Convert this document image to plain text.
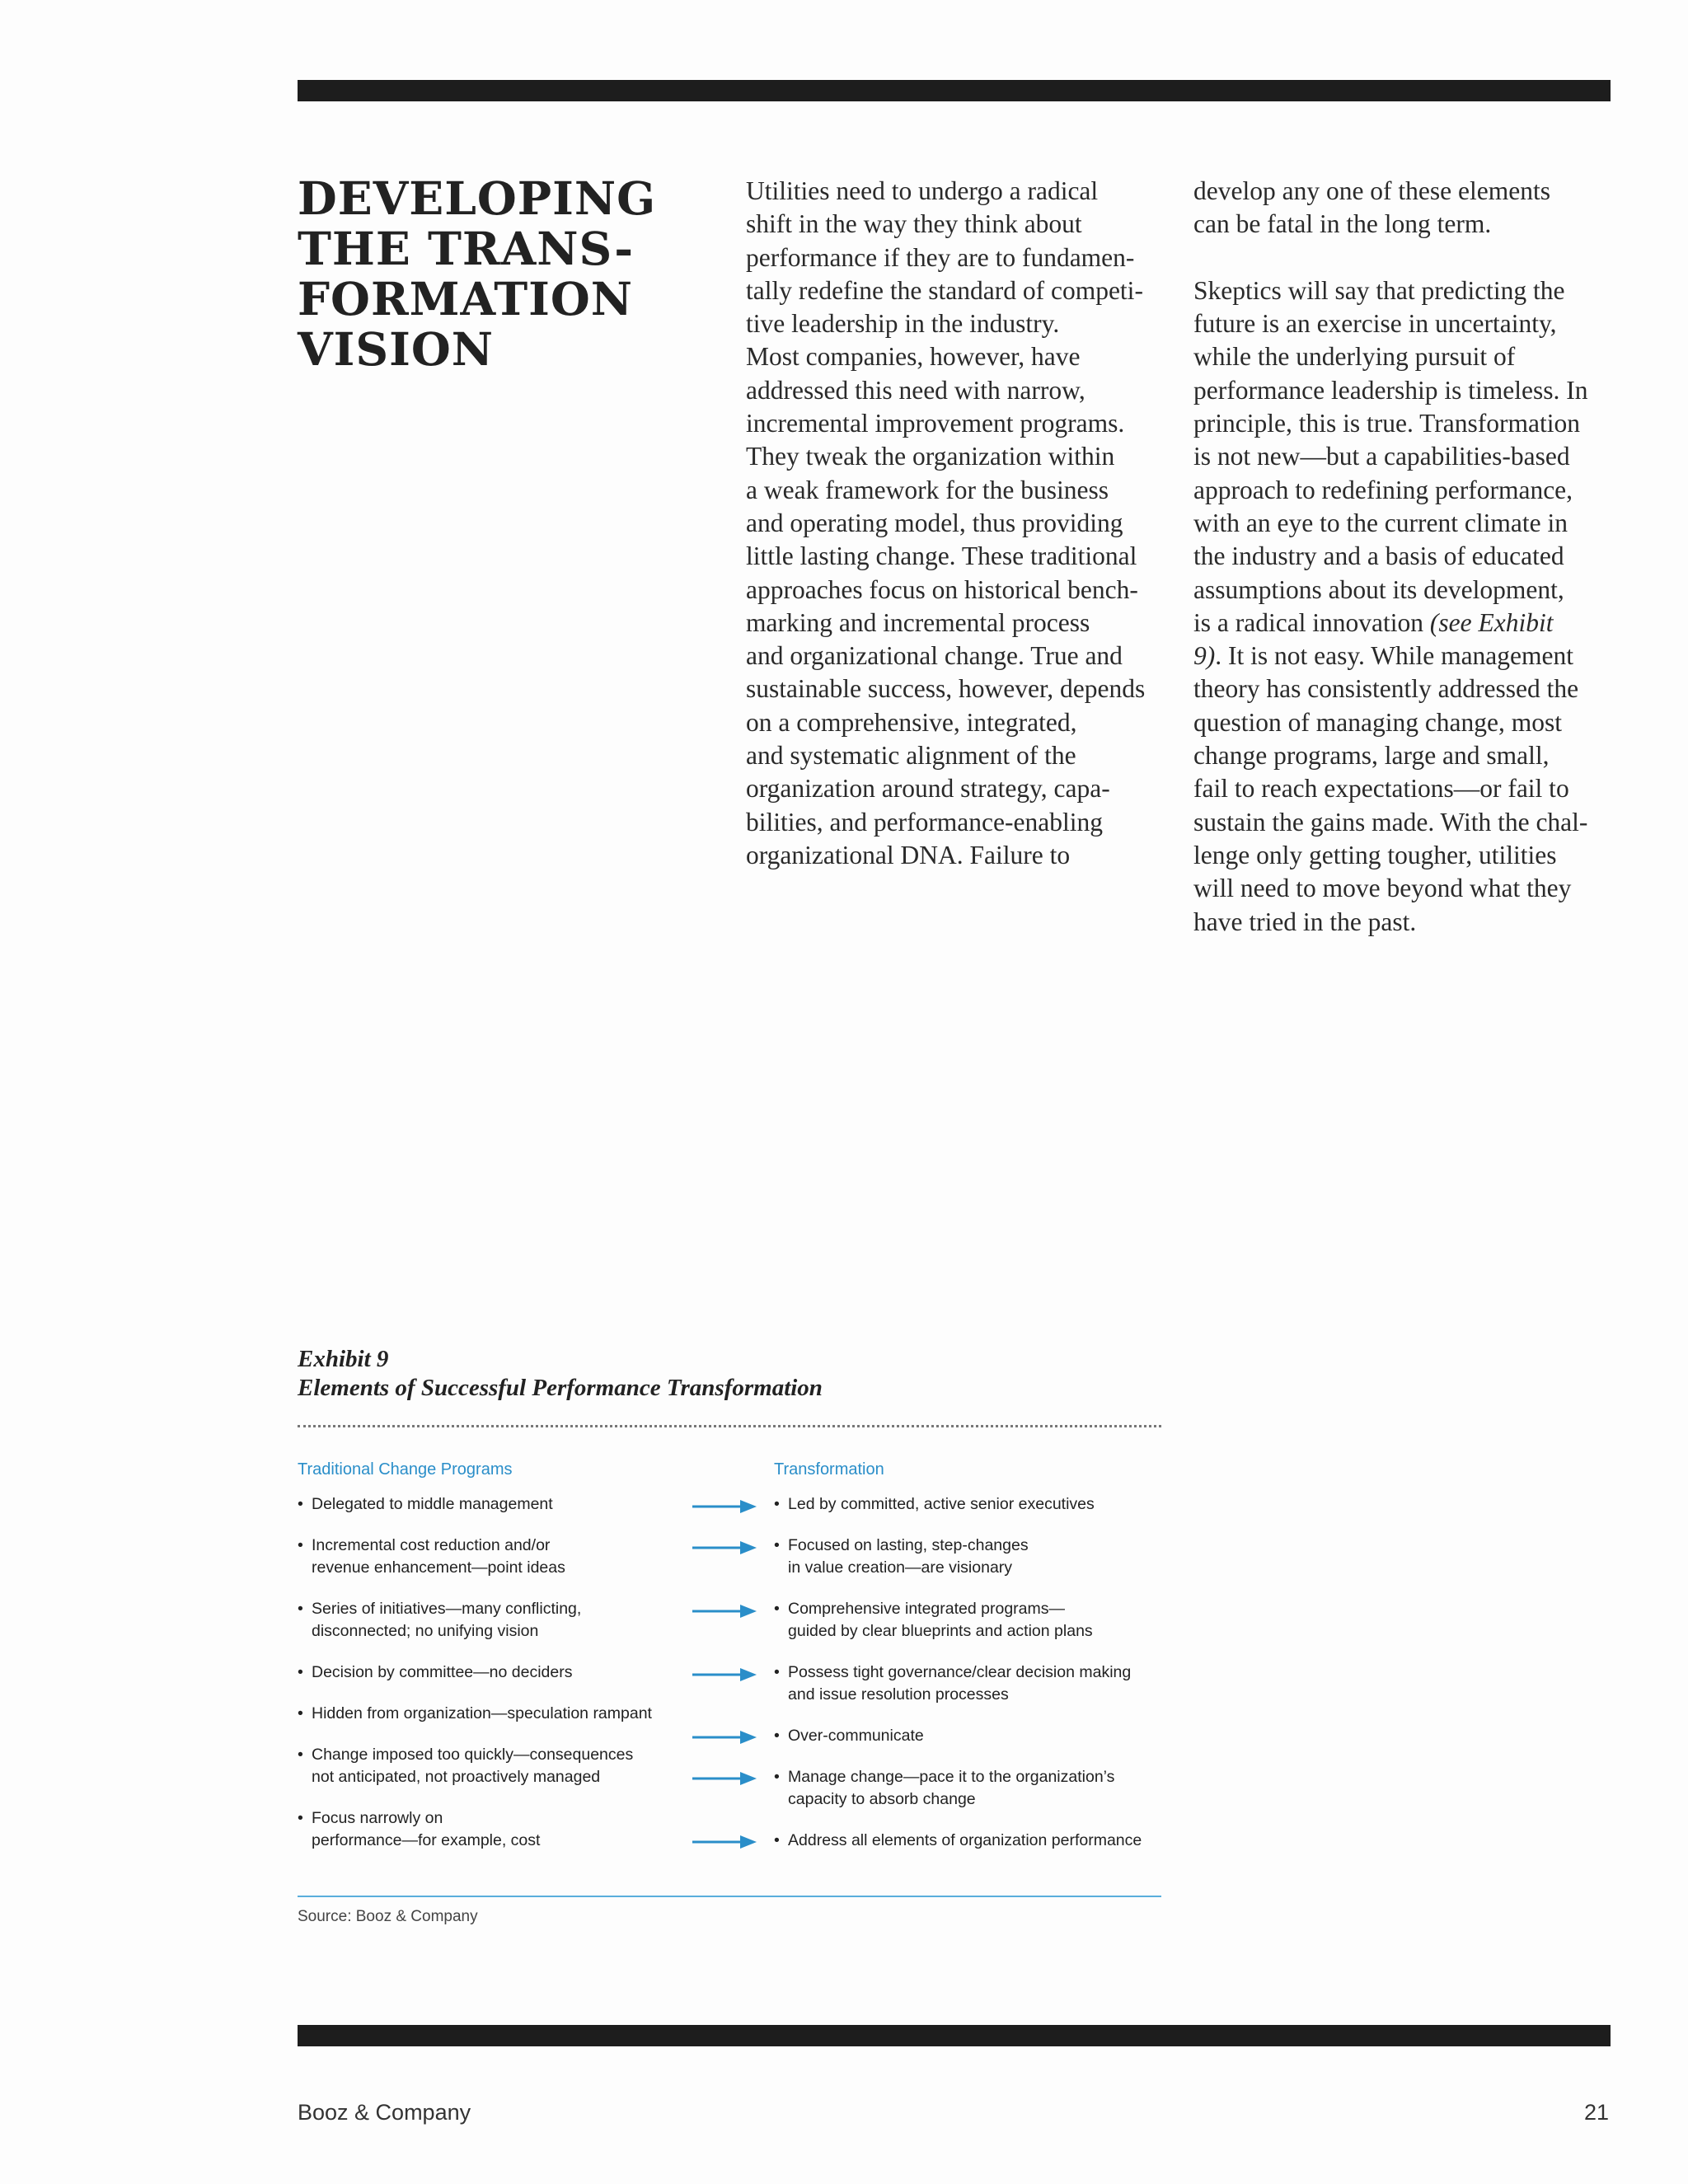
DEVELOPING
THE TRANS-
FORMATION
VISION
Utilities need to undergo a radical
shift in the way they think about
performance if they are to fundamen-
tally redefine the standard of competi-
tive leadership in the industry.
Most companies, however, have
addressed this need with narrow,
incremental improvement programs.
They tweak the organization within
a weak framework for the business
and operating model, thus providing
little lasting change. These traditional
approaches focus on historical bench-
marking and incremental process
and organizational change. True and
sustainable success, however, depends
on a comprehensive, integrated,
and systematic alignment of the
organization around strategy, capa-
bilities, and performance-enabling
organizational DNA. Failure to
develop any one of these elements
can be fatal in the long term.
Skeptics will say that predicting the
future is an exercise in uncertainty,
while the underlying pursuit of
performance leadership is timeless. In
principle, this is true. Transformation
is not new—but a capabilities-based
approach to redefining performance,
with an eye to the current climate in
the industry and a basis of educated
assumptions about its development,
is a radical innovation (see Exhibit
9). It is not easy. While management
theory has consistently addressed the
question of managing change, most
change programs, large and small,
fail to reach expectations—or fail to
sustain the gains made. With the chal-
lenge only getting tougher, utilities
will need to move beyond what they
have tried in the past.
Exhibit 9
Elements of Successful Performance Transformation
Traditional Change Programs	Transformation
• Delegated to middle management
• Incremental cost reduction and/or
revenue enhancement—point ideas
• Series of initiatives—many conflicting,
disconnected; no unifying vision
• Decision by committee—no deciders
• Hidden from organization—speculation rampant
• Change imposed too quickly—consequences
not anticipated, not proactively managed
• Focus narrowly on
performance—for example, cost
• Led by committed, active senior executives
• Focused on lasting, step-changes
in value creation—are visionary
• Comprehensive integrated programs—
guided by clear blueprints and action plans
• Possess tight governance/clear decision making
and issue resolution processes
• Over-communicate
• Manage change—pace it to the organization’s
capacity to absorb change
• Address all elements of organization performance
Source: Booz & Company
Booz & Company	21
